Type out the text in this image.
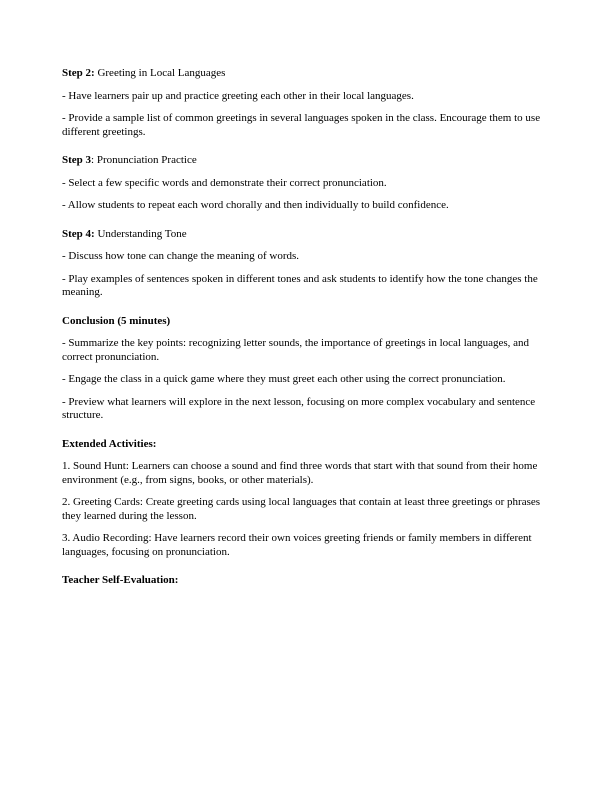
Step 2: Greeting in Local Languages

- Have learners pair up and practice greeting each other in their local languages.

- Provide a sample list of common greetings in several languages spoken in the class. Encourage them to use different greetings.

Step 3: Pronunciation Practice

- Select a few specific words and demonstrate their correct pronunciation.

- Allow students to repeat each word chorally and then individually to build confidence.

Step 4: Understanding Tone

- Discuss how tone can change the meaning of words.

- Play examples of sentences spoken in different tones and ask students to identify how the tone changes the meaning.

Conclusion (5 minutes)

- Summarize the key points: recognizing letter sounds, the importance of greetings in local languages, and correct pronunciation.

- Engage the class in a quick game where they must greet each other using the correct pronunciation.

- Preview what learners will explore in the next lesson, focusing on more complex vocabulary and sentence structure.

Extended Activities:

1. Sound Hunt: Learners can choose a sound and find three words that start with that sound from their home environment (e.g., from signs, books, or other materials).

2. Greeting Cards: Create greeting cards using local languages that contain at least three greetings or phrases they learned during the lesson.

3. Audio Recording: Have learners record their own voices greeting friends or family members in different languages, focusing on pronunciation.

Teacher Self-Evaluation:
